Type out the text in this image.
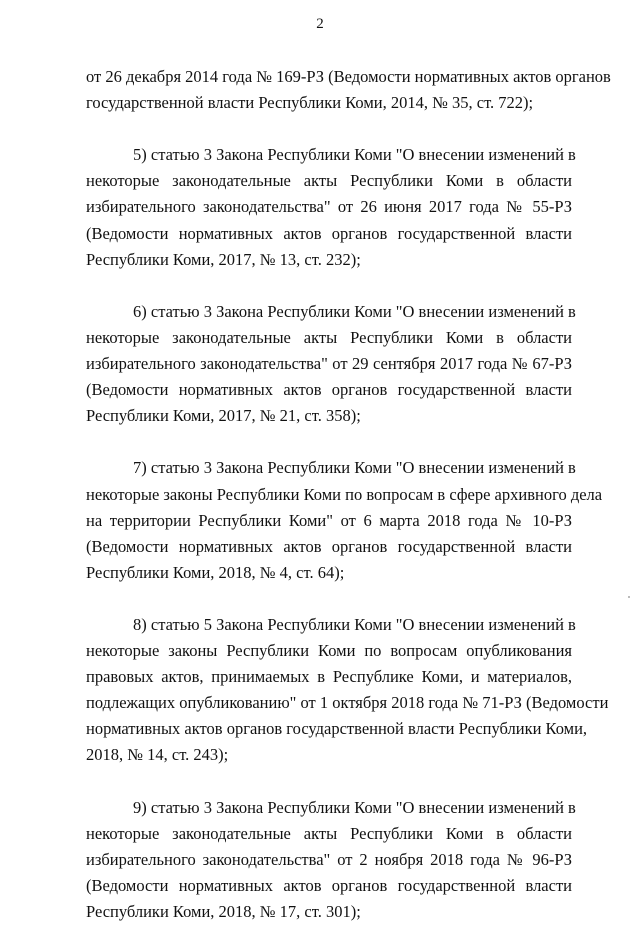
2
от 26 декабря 2014 года № 169-РЗ (Ведомости нормативных актов органов
государственной власти Республики Коми, 2014, № 35, ст. 722);
5) статью 3 Закона Республики Коми "О внесении изменений в
некоторые законодательные акты Республики Коми в области
избирательного законодательства" от 26 июня 2017 года № 55-РЗ
(Ведомости нормативных актов органов государственной власти
Республики Коми, 2017, № 13, ст. 232);
6) статью 3 Закона Республики Коми "О внесении изменений в
некоторые законодательные акты Республики Коми в области
избирательного законодательства" от 29 сентября 2017 года № 67-РЗ
(Ведомости нормативных актов органов государственной власти
Республики Коми, 2017, № 21, ст. 358);
7) статью 3 Закона Республики Коми "О внесении изменений в
некоторые законы Республики Коми по вопросам в сфере архивного дела
на территории Республики Коми" от 6 марта 2018 года № 10-РЗ
(Ведомости нормативных актов органов государственной власти
Республики Коми, 2018, № 4, ст. 64);
8) статью 5 Закона Республики Коми "О внесении изменений в
некоторые законы Республики Коми по вопросам опубликования
правовых актов, принимаемых в Республике Коми, и материалов,
подлежащих опубликованию" от 1 октября 2018 года № 71-РЗ (Ведомости
нормативных актов органов государственной власти Республики Коми,
2018, № 14, ст. 243);
9) статью 3 Закона Республики Коми "О внесении изменений в
некоторые законодательные акты Республики Коми в области
избирательного законодательства" от 2 ноября 2018 года № 96-РЗ
(Ведомости нормативных актов органов государственной власти
Республики Коми, 2018, № 17, ст. 301);
